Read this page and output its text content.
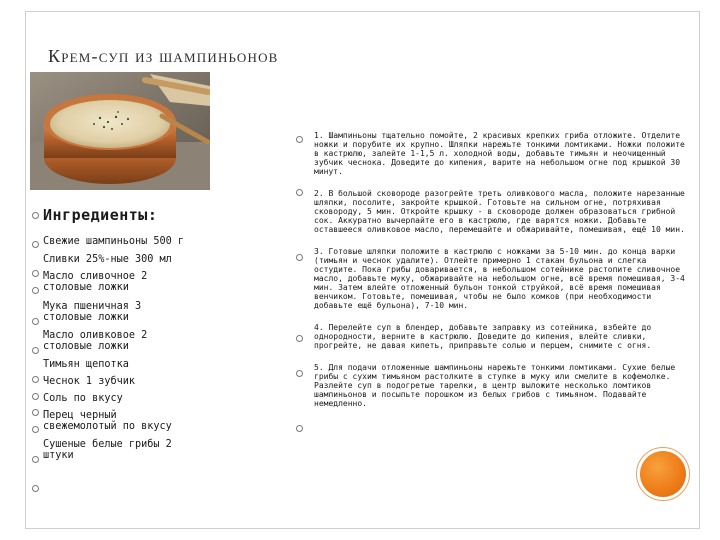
Крем-суп из шампиньонов
Ингредиенты:

Свежие шампиньоны 500 г

Сливки 25%-ные 300 мл

Масло сливочное 2 столовые ложки

Мука пшеничная 3 столовые ложки

Масло оливковое 2 столовые ложки

Тимьян щепотка

Чеснок 1 зубчик

Соль по вкусу

Перец черный свежемолотый по вкусу

Сушеные белые грибы 2 штуки

1. Шампиньоны тщательно помойте, 2 красивых крепких гриба отложите. Отделите ножки и порубите их крупно. Шляпки нарежьте тонкими ломтиками. Ножки положите в кастрюлю, залейте 1-1,5 л. холодной воды, добавьте тимьян и неочищенный зубчик чеснока. Доведите до кипения, варите на небольшом огне под крышкой 30 минут.

2. В большой сковороде разогрейте треть оливкового масла, положите нарезанные шляпки, посолите, закройте крышкой. Готовьте на сильном огне, потряхивая сковороду, 5 мин. Откройте крышку - в сковороде должен образоваться грибной сок. Аккуратно вычерпайте его в кастрюлю, где варятся ножки. Добавьте оставшееся оливковое масло, перемешайте и обжаривайте, помешивая, ещё 10 мин.

3. Готовые шляпки положите в кастрюлю с ножками за 5-10 мин. до конца варки (тимьян и чеснок удалите). Отлейте примерно 1 стакан бульона и слегка остудите. Пока грибы доваривается, в небольшом сотейнике растопите сливочное масло, добавьте муку, обжаривайте на небольшом огне, всё время помешивая, 3-4 мин. Затем влейте отложенный бульон тонкой струйкой, всё время помешивая венчиком. Готовьте, помешивая, чтобы не было комков (при необходимости добавьте ещё бульона), 7-10 мин.

4. Перелейте суп в блендер, добавьте заправку из сотейника, взбейте до однородности, верните в кастрюлю. Доведите до кипения, влейте сливки, прогрейте, не давая кипеть, приправьте солью и перцем, снимите с огня.

5. Для подачи отложенные шампиньоны нарежьте тонкими ломтиками. Сухие белые грибы с сухим тимьяном растолките в ступке в муку или смелите в кофемолке. Разлейте суп в подогретые тарелки, в центр выложите несколько ломтиков шампиньонов и посыпьте порошком из белых грибов с тимьяном. Подавайте немедленно.
